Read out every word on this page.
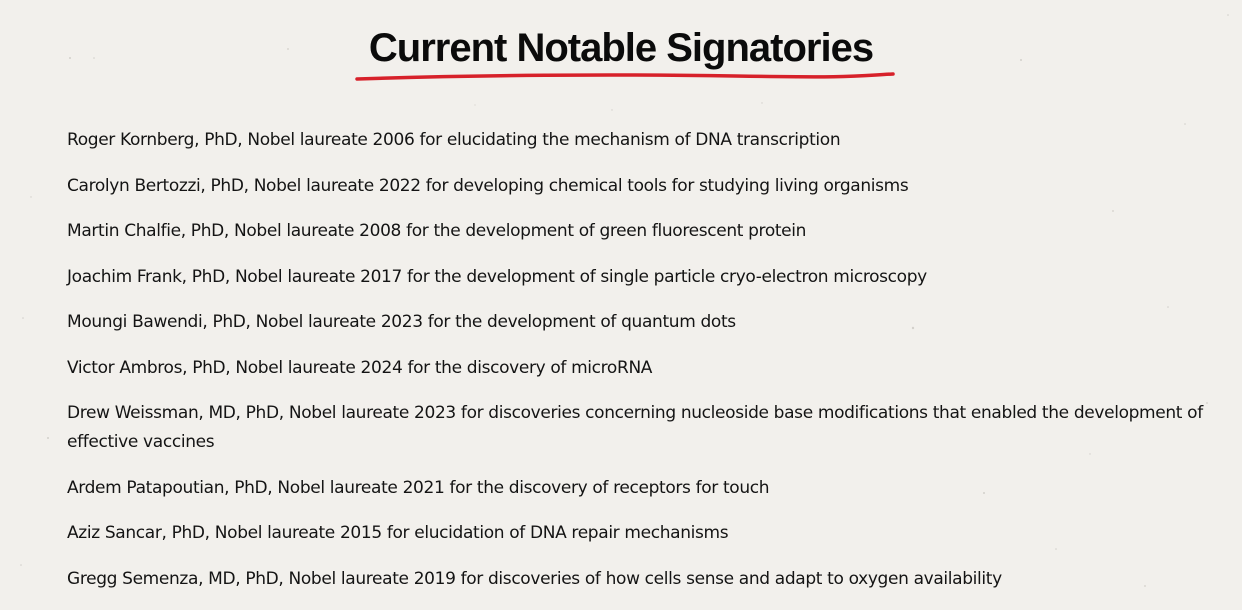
Current Notable Signatories
Roger Kornberg, PhD, Nobel laureate 2006 for elucidating the mechanism of DNA transcription
Carolyn Bertozzi, PhD, Nobel laureate 2022 for developing chemical tools for studying living organisms
Martin Chalfie, PhD, Nobel laureate 2008 for the development of green fluorescent protein
Joachim Frank, PhD, Nobel laureate 2017 for the development of single particle cryo-electron microscopy
Moungi Bawendi, PhD, Nobel laureate 2023 for the development of quantum dots
Victor Ambros, PhD, Nobel laureate 2024 for the discovery of microRNA
Drew Weissman, MD, PhD, Nobel laureate 2023 for discoveries concerning nucleoside base modifications that enabled the development of effective vaccines
Ardem Patapoutian, PhD, Nobel laureate 2021 for the discovery of receptors for touch
Aziz Sancar, PhD, Nobel laureate 2015 for elucidation of DNA repair mechanisms
Gregg Semenza, MD, PhD, Nobel laureate 2019 for discoveries of how cells sense and adapt to oxygen availability
